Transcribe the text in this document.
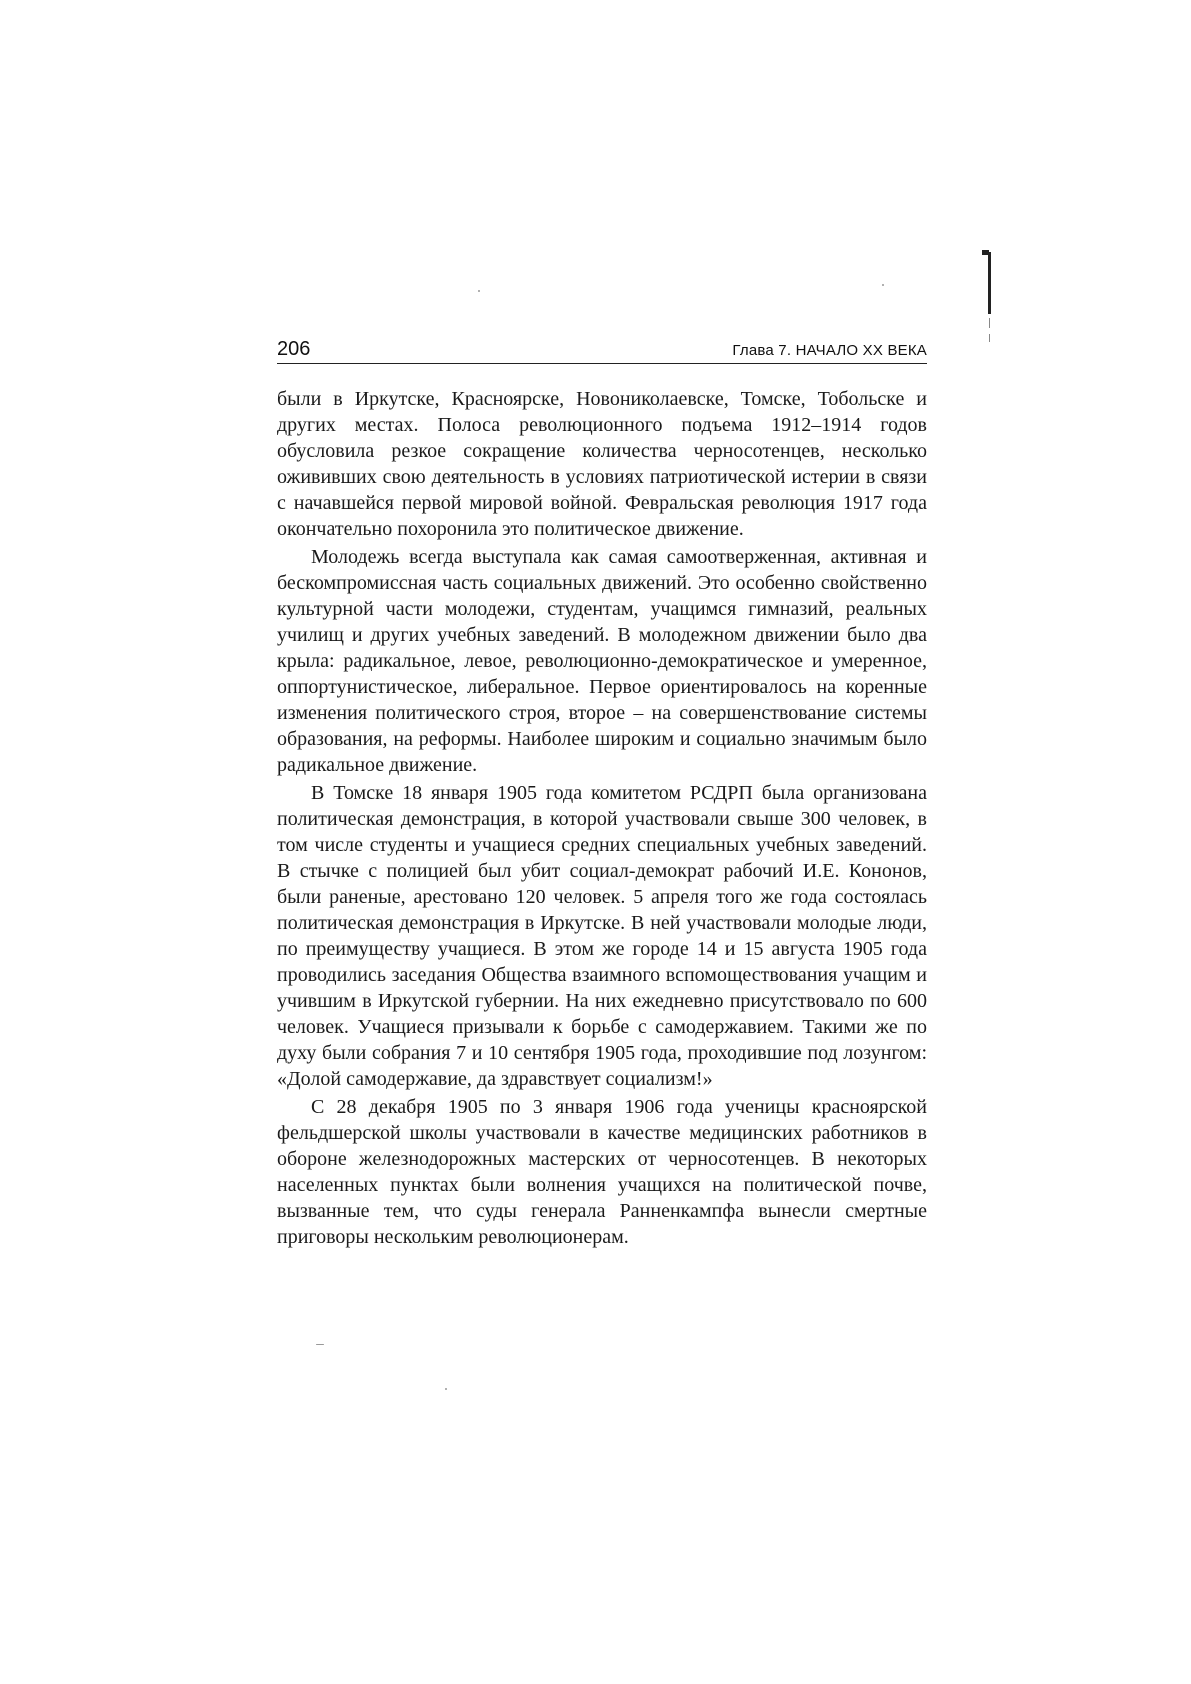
206	Глава 7. НАЧАЛО XX ВЕКА

были в Иркутске, Красноярске, Новониколаевске, Томске, Тобольске и других местах. Полоса революционного подъема 1912–1914 годов обусловила резкое сокращение количества черносотенцев, несколько ожививших свою деятельность в условиях патриотической истерии в связи с начавшейся первой мировой войной. Февральская революция 1917 года окончательно похоронила это политическое движение.

Молодежь всегда выступала как самая самоотверженная, активная и бескомпромиссная часть социальных движений. Это особенно свойственно культурной части молодежи, студентам, учащимся гимназий, реальных училищ и других учебных заведений. В молодежном движении было два крыла: радикальное, левое, революционно-демократическое и умеренное, оппортунистическое, либеральное. Первое ориентировалось на коренные изменения политического строя, второе – на совершенствование системы образования, на реформы. Наиболее широким и социально значимым было радикальное движение.

В Томске 18 января 1905 года комитетом РСДРП была организована политическая демонстрация, в которой участвовали свыше 300 человек, в том числе студенты и учащиеся средних специальных учебных заведений. В стычке с полицией был убит социал-демократ рабочий И.Е. Кононов, были раненые, арестовано 120 человек. 5 апреля того же года состоялась политическая демонстрация в Иркутске. В ней участвовали молодые люди, по преимуществу учащиеся. В этом же городе 14 и 15 августа 1905 года проводились заседания Общества взаимного вспомоществования учащим и учившим в Иркутской губернии. На них ежедневно присутствовало по 600 человек. Учащиеся призывали к борьбе с самодержавием. Такими же по духу были собрания 7 и 10 сентября 1905 года, проходившие под лозунгом: «Долой самодержавие, да здравствует социализм!»

С 28 декабря 1905 по 3 января 1906 года ученицы красноярской фельдшерской школы участвовали в качестве медицинских работников в обороне железнодорожных мастерских от черносотенцев. В некоторых населенных пунктах были волнения учащихся на политической почве, вызванные тем, что суды генерала Ранненкампфа вынесли смертные приговоры нескольким революционерам.
